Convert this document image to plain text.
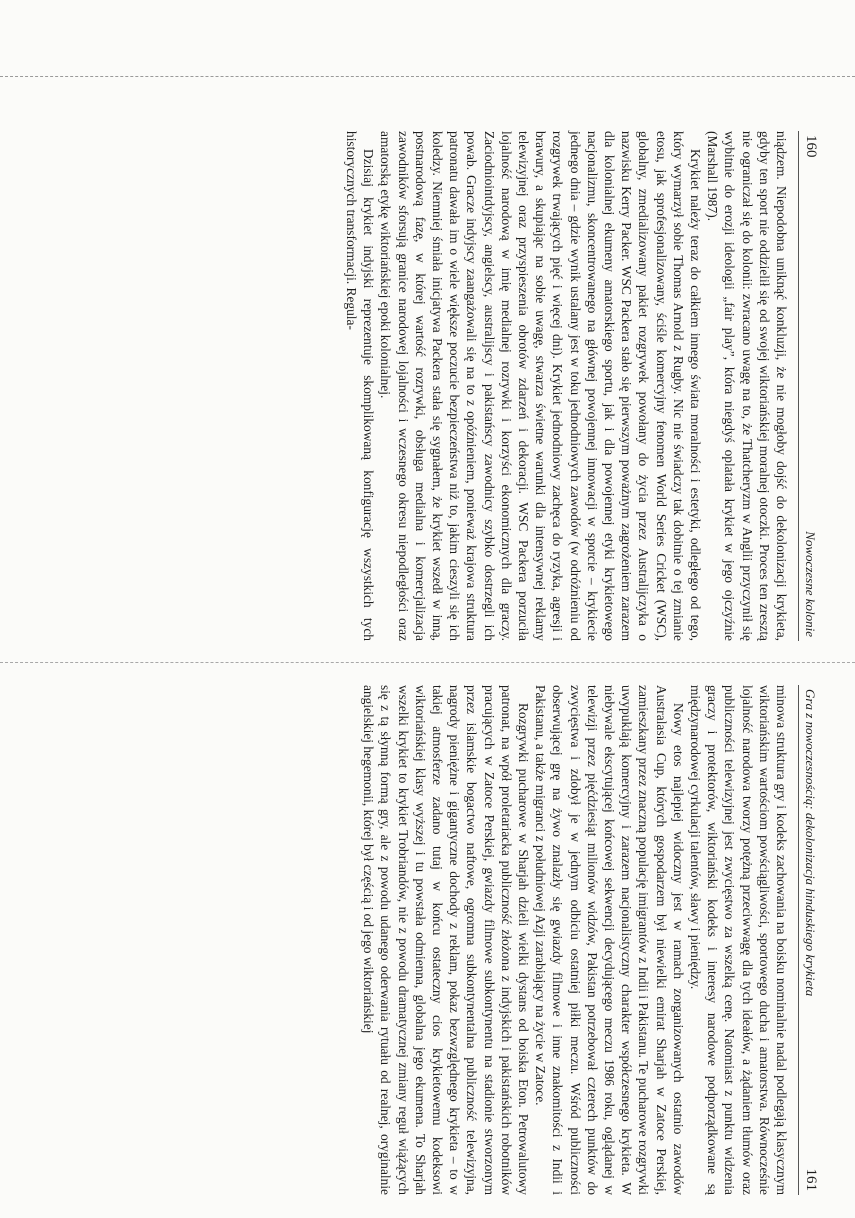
160
Nowoczesne kolonie

niądzem. Niepodobna uniknąć konkluzji, że nie mogłoby dojść do dekolonizacji krykieta, gdyby ten sport nie oddzielił się od swojej wiktoriańskiej moralnej otoczki. Proces ten zresztą nie ograniczał się do kolonii: zwracano uwagę na to, że Thatcheryzm w Anglii przyczynił się wybitnie do erozji ideologii „fair play”, która niegdyś oplatała krykiet w jego ojczyźnie (Marshall 1987).

Krykiet należy teraz do całkiem innego świata moralności i estetyki, odległego od tego, który wymarzył sobie Thomas Arnold z Rugby. Nic nie świadczy tak dobitnie o tej zmianie etosu, jak sprofesjonalizowany, ściśle komercyjny fenomen World Series Cricket (WSC), globalny, zmedializowany pakiet rozgrywek powołany do życia przez Australijczyka o nazwisku Kerry Packer. WSC Packera stało się pierwszym poważnym zagrożeniem zarazem dla kolonialnej ekumeny amatorskiego sportu, jak i dla powojennej etyki krykietowego nacjonalizmu, skoncentrowanego na głównej powojennej innowacji w sporcie – krykiecie jednego dnia – gdzie wynik ustalany jest w toku jednodniowych zawodów (w odróżnieniu od rozgrywek trwających pięć i więcej dni). Krykiet jednodniowy zachęca do ryzyka, agresji i brawury, a skupiając na sobie uwagę, stwarza świetne warunki dla intensywnej reklamy telewizyjnej oraz przyspieszenia obrotów zdarzeń i dekoracji. WSC Packera porzuciła lojalność narodową w imię medialnej rozrywki i korzyści ekonomicznych dla graczy. Zaciodniointdyjscy, angielscy, australijscy i pakistańscy zawodnicy szybko dostrzegli ich powab. Gracze indyjscy zaangażowali się na to z opóźnieniem, ponieważ krajowa struktura patronatu dawała im o wiele większe poczucie bezpieczeństwa niż to, jakim cieszyli się ich koledzy. Niemniej śmiała inicjatywa Packera stała się sygnałem, że krykiet wszedł w inną, postnarodową fazę, w której wartość rozrywki, obsługa medialna i komercjalizacja zawodników sforsują granice narodowej lojalności i wczesnego okresu niepodległości oraz amatorską etykę wiktoriańskiej epoki kolonialnej.

Dzisiaj krykiet indyjski reprezentuje skomplikowaną konfigurację wszystkich tych historycznych transformacji. Regula-

Gra z nowoczesnością: dekolonizacja hinduskiego krykieta
161

minowa struktura gry i kodeks zachowania na boisku nominalnie nadal podlegają klasycznym wiktoriańskim wartościom powściągliwości, sportowego ducha i amatorstwa. Równocześnie lojalność narodowa tworzy potężną przeciwwagę dla tych ideałów, a żądaniem tłumów oraz publiczności telewizyjnej jest zwycięstwo za wszelką cenę. Natomiast z punktu widzenia graczy i protektorów, wiktoriański kodeks i interesy narodowe podporządkowane są międzynarodowej cyrkulacji talentów, sławy i pieniędzy.

Nowy etos najlepiej widoczny jest w ramach zorganizowanych ostatnio zawodów Australasia Cup, których gospodarzem był niewielki emirat Sharjah w Zatoce Perskiej, zamieszkany przez znaczną populację imigrantów z Indii i Pakistanu. Te pucharowe rozgrywki uwypuklają komercyjny i zarazem nacjonalistyczny charakter współczesnego krykieta. W niebywale ekscytującej końcowej sekwencji decydującego meczu 1986 roku, oglądanej w telewizji przez pięćdziesiąt milionów widzów, Pakistan potrzebował czterech punktów do zwycięstwa i zdobył je w jednym odbiciu ostatniej piłki meczu. Wśród publiczności obserwującej grę na żywo znalazły się gwiazdy filmowe i inne znakomitości z Indii i Pakistanu, a także migranci z południowej Azji zarabiający na życie w Zatoce.

Rozgrywki pucharowe w Sharjah dzieli wielki dystans od boiska Eton. Petrowalutowy patronat, na wpół proletariacka publiczność złożona z indyjskich i pakistańskich robotników pracujących w Zatoce Perskiej, gwiazdy filmowe subkontynentu na stadionie stworzonym przez islamskie bogactwo naftowe, ogromna subkontynentalna publiczność telewizyjna, nagrody pieniężne i gigantyczne dochody z reklam, pokaz bezwzględnego krykieta – to w takiej atmosferze zadano tutaj w końcu ostateczny cios krykietowemu kodeksowi wiktoriańskiej klasy wyższej i tu powstała odmienna, globalna jego ekumena. To Sharjah wszelki krykiet to krykiet Trobriandów, nie z powodu dramatycznej zmiany reguł wiążących się z tą słynną formą gry, ale z powodu udanego oderwania rytuału od realnej, oryginalnie angielskiej hegemonii, której był częścią i od jego wiktoriańskiej
